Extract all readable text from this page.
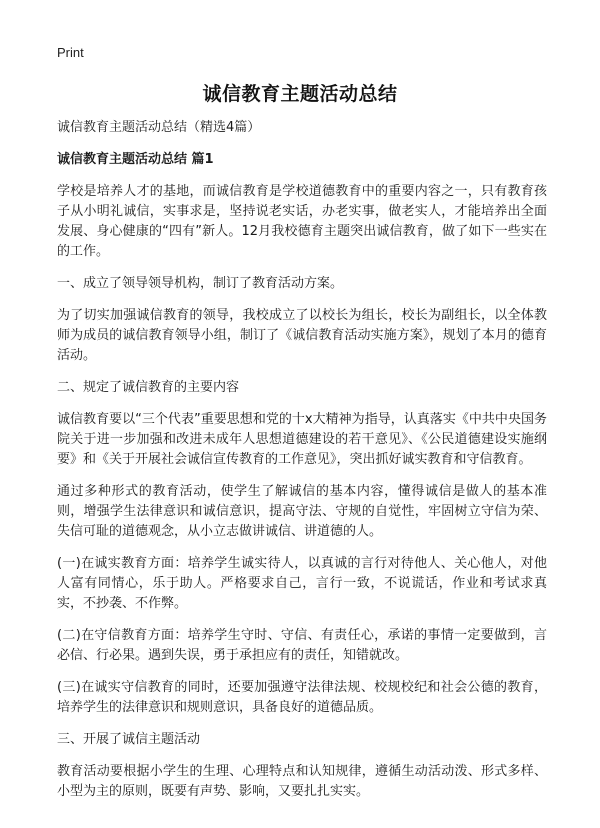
Print
诚信教育主题活动总结
诚信教育主题活动总结（精选4篇）
诚信教育主题活动总结 篇1

学校是培养人才的基地，而诚信教育是学校道德教育中的重要内容之一，只有教育孩子从小明礼诚信，实事求是，坚持说老实话，办老实事，做老实人，才能培养出全面发展、身心健康的“四有”新人。12月我校德育主题突出诚信教育，做了如下一些实在的工作。

一、成立了领导领导机构，制订了教育活动方案。

为了切实加强诚信教育的领导，我校成立了以校长为组长，校长为副组长，以全体教师为成员的诚信教育领导小组，制订了《诚信教育活动实施方案》，规划了本月的德育活动。

二、规定了诚信教育的主要内容

诚信教育要以“三个代表”重要思想和党的十x大精神为指导，认真落实《中共中央国务院关于进一步加强和改进未成年人思想道德建设的若干意见》、《公民道德建设实施纲要》和《关于开展社会诚信宣传教育的工作意见》，突出抓好诚实教育和守信教育。

通过多种形式的教育活动，使学生了解诚信的基本内容，懂得诚信是做人的基本准则，增强学生法律意识和诚信意识，提高守法、守规的自觉性，牢固树立守信为荣、失信可耻的道德观念，从小立志做讲诚信、讲道德的人。

(一)在诚实教育方面：培养学生诚实待人，以真诚的言行对待他人、关心他人，对他人富有同情心，乐于助人。严格要求自己，言行一致，不说谎话，作业和考试求真实，不抄袭、不作弊。

(二)在守信教育方面：培养学生守时、守信、有责任心，承诺的事情一定要做到，言必信、行必果。遇到失误，勇于承担应有的责任，知错就改。

(三)在诚实守信教育的同时，还要加强遵守法律法规、校规校纪和社会公德的教育，培养学生的法律意识和规则意识，具备良好的道德品质。

三、开展了诚信主题活动

教育活动要根据小学生的生理、心理特点和认知规律，遵循生动活动泼、形式多样、小型为主的原则，既要有声势、影响，又要扎扎实实。
